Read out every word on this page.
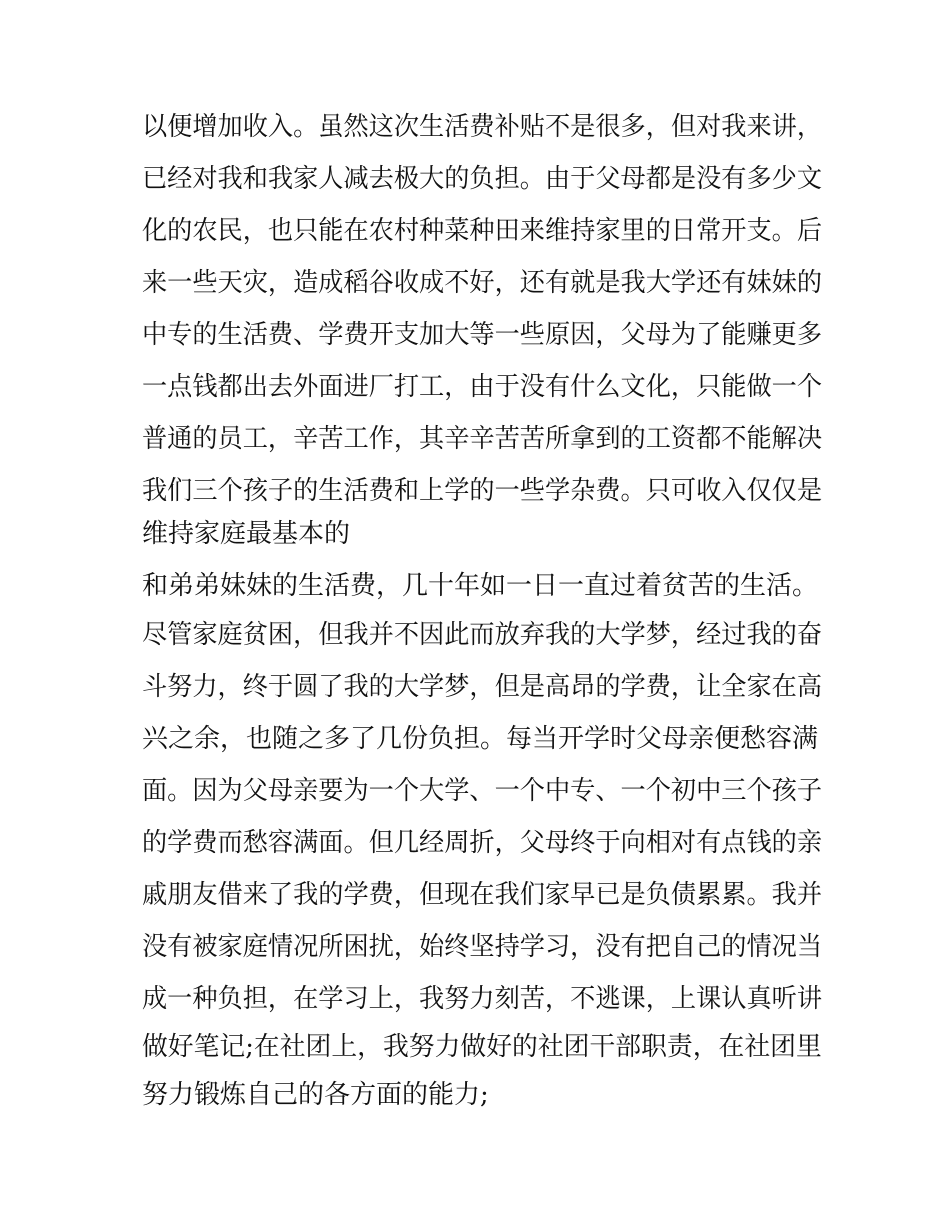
以便增加收入。虽然这次生活费补贴不是很多，但对我来讲，

已经对我和我家人减去极大的负担。由于父母都是没有多少文

化的农民，也只能在农村种菜种田来维持家里的日常开支。后

来一些天灾，造成稻谷收成不好，还有就是我大学还有妹妹的

中专的生活费、学费开支加大等一些原因，父母为了能赚更多

一点钱都出去外面进厂打工，由于没有什么文化，只能做一个

普通的员工，辛苦工作，其辛辛苦苦所拿到的工资都不能解决

我们三个孩子的生活费和上学的一些学杂费。只可收入仅仅是

维持家庭最基本的

和弟弟妹妹的生活费，几十年如一日一直过着贫苦的生活。

尽管家庭贫困，但我并不因此而放弃我的大学梦，经过我的奋

斗努力，终于圆了我的大学梦，但是高昂的学费，让全家在高

兴之余，也随之多了几份负担。每当开学时父母亲便愁容满

面。因为父母亲要为一个大学、一个中专、一个初中三个孩子

的学费而愁容满面。但几经周折，父母终于向相对有点钱的亲

戚朋友借来了我的学费，但现在我们家早已是负债累累。我并

没有被家庭情况所困扰，始终坚持学习，没有把自己的情况当

成一种负担，在学习上，我努力刻苦，不逃课，上课认真听讲

做好笔记;在社团上，我努力做好的社团干部职责，在社团里

努力锻炼自己的各方面的能力;
